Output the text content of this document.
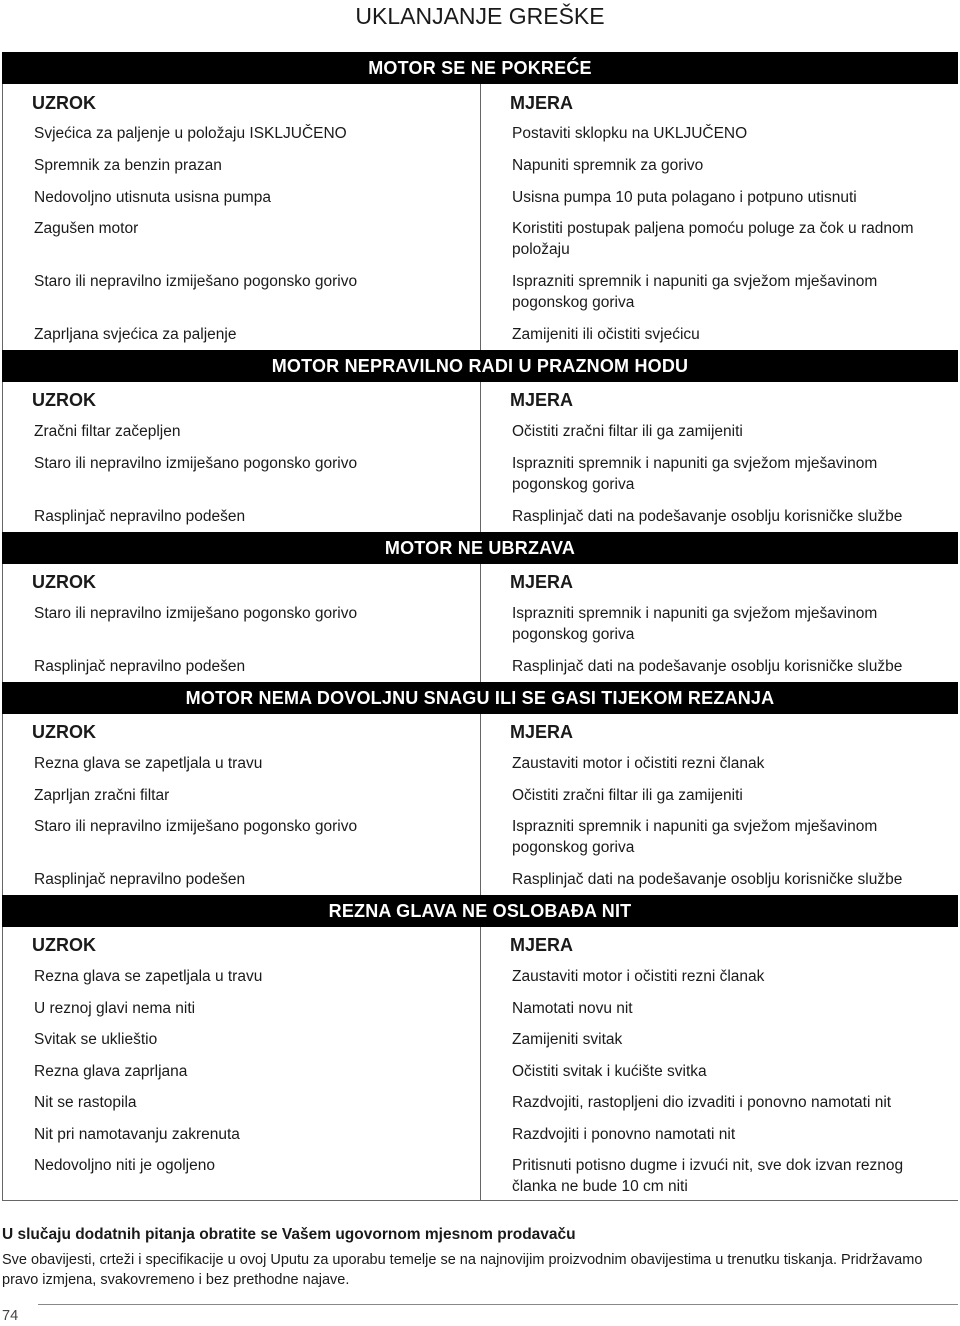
UKLANJANJE GREŠKE
MOTOR SE NE POKREĆE
UZROK	MJERA
Svjećica za paljenje u položaju ISKLJUČENO	Postaviti sklopku na UKLJUČENO
Spremnik za benzin prazan	Napuniti spremnik za gorivo
Nedovoljno utisnuta usisna pumpa	Usisna pumpa 10 puta polagano i potpuno utisnuti
Zagušen motor	Koristiti postupak paljena pomoću poluge za čok u radnom položaju
Staro ili nepravilno izmiješano pogonsko gorivo	Isprazniti spremnik i napuniti ga svježom mješavinom pogonskog goriva
Zaprljana svjećica za paljenje	Zamijeniti ili očistiti svjećicu
MOTOR NEPRAVILNO RADI U PRAZNOM HODU
UZROK	MJERA
Zračni filtar začepljen	Očistiti zračni filtar ili ga zamijeniti
Staro ili nepravilno izmiješano pogonsko gorivo	Isprazniti spremnik i napuniti ga svježom mješavinom pogonskog goriva
Rasplinjač nepravilno podešen	Rasplinjač dati na podešavanje osoblju korisničke službe
MOTOR NE UBRZAVA
UZROK	MJERA
Staro ili nepravilno izmiješano pogonsko gorivo	Isprazniti spremnik i napuniti ga svježom mješavinom pogonskog goriva
Rasplinjač nepravilno podešen	Rasplinjač dati na podešavanje osoblju korisničke službe
MOTOR NEMA DOVOLJNU SNAGU ILI SE GASI TIJEKOM REZANJA
UZROK	MJERA
Rezna glava se zapetljala u travu	Zaustaviti motor i očistiti rezni članak
Zaprljan zračni filtar	Očistiti zračni filtar ili ga zamijeniti
Staro ili nepravilno izmiješano pogonsko gorivo	Isprazniti spremnik i napuniti ga svježom mješavinom pogonskog goriva
Rasplinjač nepravilno podešen	Rasplinjač dati na podešavanje osoblju korisničke službe
REZNA GLAVA NE OSLOBAĐA NIT
UZROK	MJERA
Rezna glava se zapetljala u travu	Zaustaviti motor i očistiti rezni članak
U reznoj glavi nema niti	Namotati novu nit
Svitak se uklieštio	Zamijeniti svitak
Rezna glava zaprljana	Očistiti svitak i kućište svitka
Nit se rastopila	Razdvojiti, rastopljeni dio izvaditi i ponovno namotati nit
Nit pri namotavanju zakrenuta	Razdvojiti i ponovno namotati nit
Nedovoljno niti je ogoljeno	Pritisnuti potisno dugme i izvući nit, sve dok izvan reznog članka ne bude 10 cm niti
U slučaju dodatnih pitanja obratite se Vašem ugovornom mjesnom prodavaču
Sve obavijesti, crteži i specifikacije u ovoj Uputu za uporabu temelje se na najnovijim proizvodnim obavijestima u trenutku tiskanja. Pridržavamo pravo izmjena, svakovremeno i bez prethodne najave.
74
